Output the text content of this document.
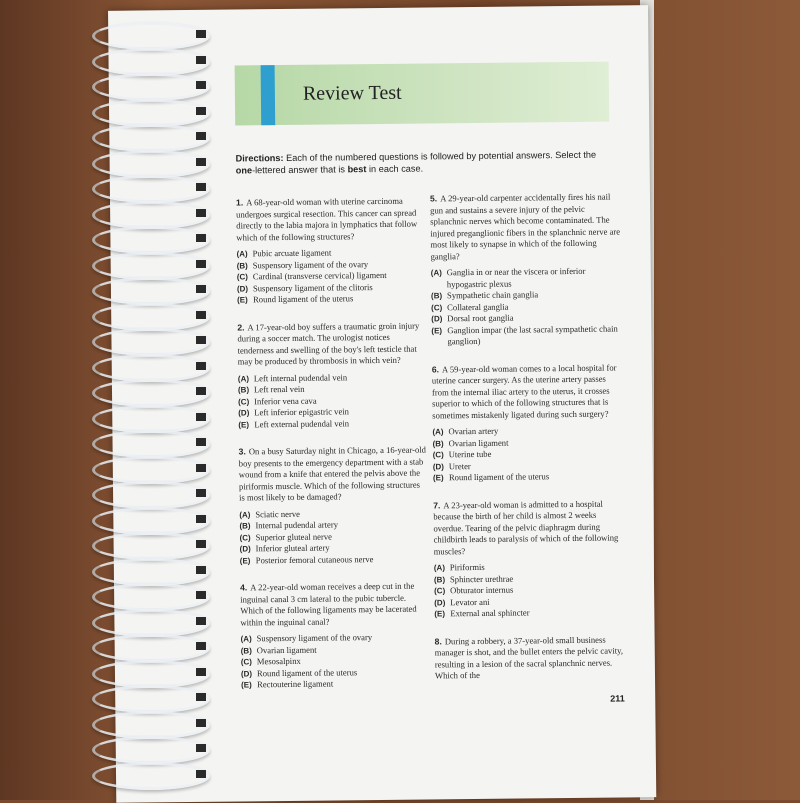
Review Test
Directions: Each of the numbered questions is followed by potential answers. Select the one-lettered answer that is best in each case.
1. A 68-year-old woman with uterine carcinoma undergoes surgical resection. This cancer can spread directly to the labia majora in lymphatics that follow which of the following structures?
(A) Pubic arcuate ligament
(B) Suspensory ligament of the ovary
(C) Cardinal (transverse cervical) ligament
(D) Suspensory ligament of the clitoris
(E) Round ligament of the uterus
2. A 17-year-old boy suffers a traumatic groin injury during a soccer match. The urologist notices tenderness and swelling of the boy's left testicle that may be produced by thrombosis in which vein?
(A) Left internal pudendal vein
(B) Left renal vein
(C) Inferior vena cava
(D) Left inferior epigastric vein
(E) Left external pudendal vein
3. On a busy Saturday night in Chicago, a 16-year-old boy presents to the emergency department with a stab wound from a knife that entered the pelvis above the piriformis muscle. Which of the following structures is most likely to be damaged?
(A) Sciatic nerve
(B) Internal pudendal artery
(C) Superior gluteal nerve
(D) Inferior gluteal artery
(E) Posterior femoral cutaneous nerve
4. A 22-year-old woman receives a deep cut in the inguinal canal 3 cm lateral to the pubic tubercle. Which of the following ligaments may be lacerated within the inguinal canal?
(A) Suspensory ligament of the ovary
(B) Ovarian ligament
(C) Mesosalpinx
(D) Round ligament of the uterus
(E) Rectouterine ligament
5. A 29-year-old carpenter accidentally fires his nail gun and sustains a severe injury of the pelvic splanchnic nerves which become contaminated. The injured preganglionic fibers in the splanchnic nerve are most likely to synapse in which of the following ganglia?
(A) Ganglia in or near the viscera or inferior hypogastric plexus
(B) Sympathetic chain ganglia
(C) Collateral ganglia
(D) Dorsal root ganglia
(E) Ganglion impar (the last sacral sympathetic chain ganglion)
6. A 59-year-old woman comes to a local hospital for uterine cancer surgery. As the uterine artery passes from the internal iliac artery to the uterus, it crosses superior to which of the following structures that is sometimes mistakenly ligated during such surgery?
(A) Ovarian artery
(B) Ovarian ligament
(C) Uterine tube
(D) Ureter
(E) Round ligament of the uterus
7. A 23-year-old woman is admitted to a hospital because the birth of her child is almost 2 weeks overdue. Tearing of the pelvic diaphragm during childbirth leads to paralysis of which of the following muscles?
(A) Piriformis
(B) Sphincter urethrae
(C) Obturator internus
(D) Levator ani
(E) External anal sphincter
8. During a robbery, a 37-year-old small business manager is shot, and the bullet enters the pelvic cavity, resulting in a lesion of the sacral splanchnic nerves. Which of the
211
